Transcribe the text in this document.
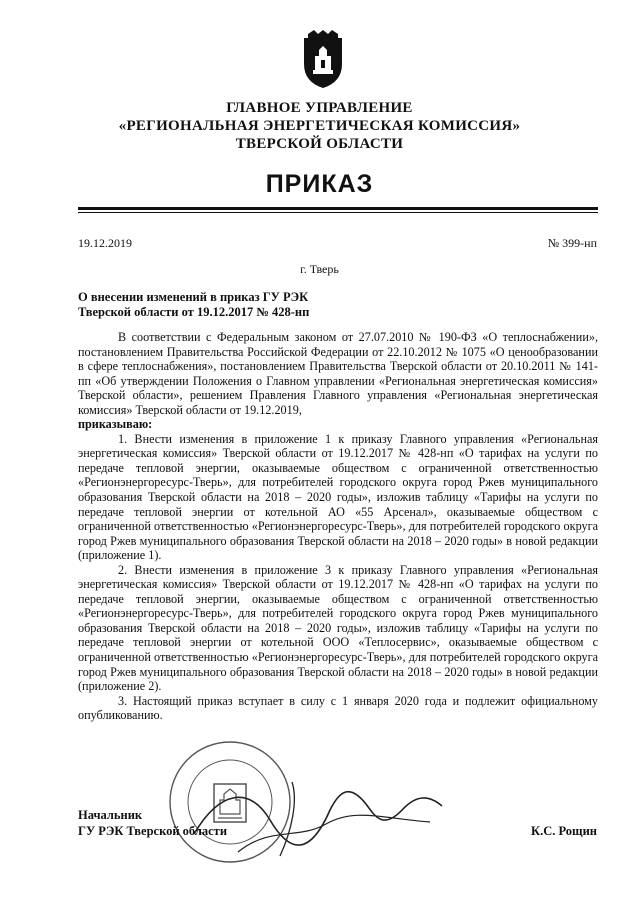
ГЛАВНОЕ УПРАВЛЕНИЕ
«РЕГИОНАЛЬНАЯ ЭНЕРГЕТИЧЕСКАЯ КОМИССИЯ»
ТВЕРСКОЙ ОБЛАСТИ
ПРИКАЗ
19.12.2019	№ 399-нп
г. Тверь
О внесении изменений в приказ ГУ РЭК
Тверской области от 19.12.2017 № 428-нп

В соответствии с Федеральным законом от 27.07.2010 № 190-ФЗ «О теплоснабжении», постановлением Правительства Российской Федерации от 22.10.2012 № 1075 «О ценообразовании в сфере теплоснабжения», постановлением Правительства Тверской области от 20.10.2011 № 141-пп «Об утверждении Положения о Главном управлении «Региональная энергетическая комиссия» Тверской области», решением Правления Главного управления «Региональная энергетическая комиссия» Тверской области от 19.12.2019,

приказываю:

1. Внести изменения в приложение 1 к приказу Главного управления «Региональная энергетическая комиссия» Тверской области от 19.12.2017 № 428-нп «О тарифах на услуги по передаче тепловой энергии, оказываемые обществом с ограниченной ответственностью «Регионэнергоресурс-Тверь», для потребителей городского округа город Ржев муниципального образования Тверской области на 2018 – 2020 годы», изложив таблицу «Тарифы на услуги по передаче тепловой энергии от котельной АО «55 Арсенал», оказываемые обществом с ограниченной ответственностью «Регионэнергоресурс-Тверь», для потребителей городского округа город Ржев муниципального образования Тверской области на 2018 – 2020 годы» в новой редакции (приложение 1).

2. Внести изменения в приложение 3 к приказу Главного управления «Региональная энергетическая комиссия» Тверской области от 19.12.2017 № 428-нп «О тарифах на услуги по передаче тепловой энергии, оказываемые обществом с ограниченной ответственностью «Регионэнергоресурс-Тверь», для потребителей городского округа город Ржев муниципального образования Тверской области на 2018 – 2020 годы», изложив таблицу «Тарифы на услуги по передаче тепловой энергии от котельной ООО «Теплосервис», оказываемые обществом с ограниченной ответственностью «Регионэнергоресурс-Тверь», для потребителей городского округа город Ржев муниципального образования Тверской области на 2018 – 2020 годы» в новой редакции (приложение 2).

3. Настоящий приказ вступает в силу с 1 января 2020 года и подлежит официальному опубликованию.

Начальник
ГУ РЭК Тверской области	К.С. Рощин
